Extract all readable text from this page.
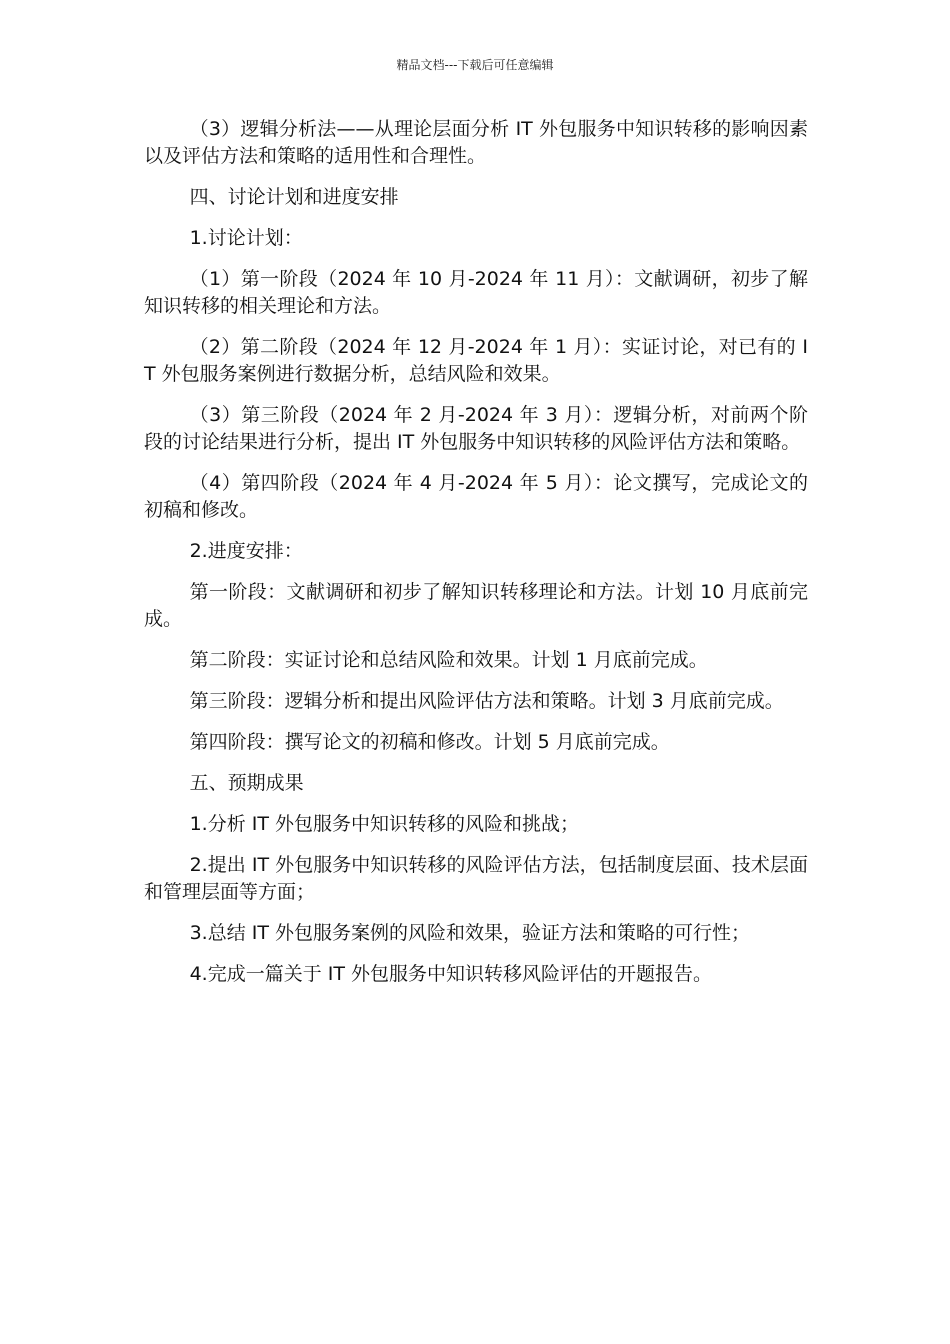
精品文档---下载后可任意编辑

（3）逻辑分析法——从理论层面分析 IT 外包服务中知识转移的影响因素以及评估方法和策略的适用性和合理性。

四、讨论计划和进度安排

1.讨论计划：

（1）第一阶段（2024 年 10 月-2024 年 11 月）：文献调研，初步了解知识转移的相关理论和方法。

（2）第二阶段（2024 年 12 月-2024 年 1 月）：实证讨论，对已有的 IT 外包服务案例进行数据分析，总结风险和效果。

（3）第三阶段（2024 年 2 月-2024 年 3 月）：逻辑分析，对前两个阶段的讨论结果进行分析，提出 IT 外包服务中知识转移的风险评估方法和策略。

（4）第四阶段（2024 年 4 月-2024 年 5 月）：论文撰写，完成论文的初稿和修改。

2.进度安排：

第一阶段：文献调研和初步了解知识转移理论和方法。计划 10 月底前完成。

第二阶段：实证讨论和总结风险和效果。计划 1 月底前完成。

第三阶段：逻辑分析和提出风险评估方法和策略。计划 3 月底前完成。

第四阶段：撰写论文的初稿和修改。计划 5 月底前完成。

五、预期成果

1.分析 IT 外包服务中知识转移的风险和挑战；

2.提出 IT 外包服务中知识转移的风险评估方法，包括制度层面、技术层面和管理层面等方面；

3.总结 IT 外包服务案例的风险和效果，验证方法和策略的可行性；

4.完成一篇关于 IT 外包服务中知识转移风险评估的开题报告。
